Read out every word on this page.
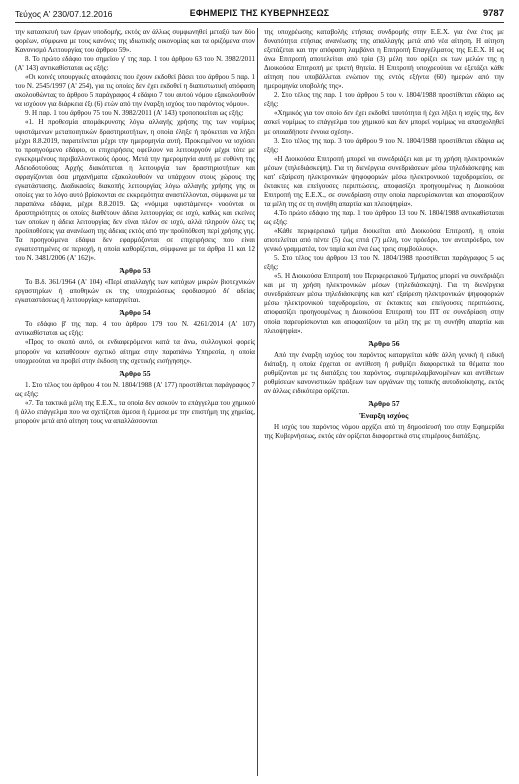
Τεύχος Α' 230/07.12.2016	ΕΦΗΜΕΡΙΣ ΤΗΣ ΚΥΒΕΡΝΗΣΕΩΣ	9787

την κατασκευή των έργων υποδομής, εκτός αν άλλως συμφωνηθεί μεταξύ των δύο φορέων, σύμφωνα με τους κανόνες της ιδιωτικής οικονομίας και τα οριζόμενα στον Κανονισμό Λειτουργίας του άρθρου 59».

8. Το πρώτο εδάφιο του σημείου γ' της παρ. 1 του άρθρου 63 του Ν. 3982/2011 (Α' 143) αντικαθίσταται ως εξής:

«Οι κοινές υπουργικές αποφάσεις που έχουν εκδοθεί βάσει του άρθρου 5 παρ. 1 του Ν. 2545/1997 (Α' 254), για τις οποίες δεν έχει εκδοθεί η διαπιστωτική απόφαση ακολουθώντας το άρθρου 5 παράγραφος 4 εδάφιο 7 του αυτού νόμου εξακολουθούν να ισχύουν για διάρκεια έξι (6) ετών από την έναρξη ισχύος του παρόντος νόμου».

9. Η παρ. 1 του άρθρου 75 του Ν. 3982/2011 (Α' 143) τροποποιείται ως εξής:

«1. Η προθεσμία απομάκρυνσης λόγω αλλαγής χρήσης της των νομίμως υφιστάμενων μεταποιητικών δραστηριοτήτων, η οποία έληξε ή πρόκειται να λήξει μέχρι 8.8.2019, παρατείνεται μέχρι την ημερομηνία αυτή. Προκειμένου να ισχύσει το προηγούμενο εδάφιο, οι επιχειρήσεις οφείλουν να λειτουργούν μέχρι τότε με εγκεκριμένους περιβαλλοντικούς όρους. Μετά την ημερομηνία αυτή με ευθύνη της Αδειοδοτούσας Αρχής διακόπτεται η λειτουργία των δραστηριοτήτων και σφραγίζονται όσα μηχανήματα εξακολουθούν να υπάρχουν στους χώρους της εγκατάστασης. Διαδικασίες διακοπής λειτουργίας λόγω αλλαγής χρήσης γης οι οποίες για το λόγο αυτό βρίσκονται σε εκκρεμότητα αναστέλλονται, σύμφωνα με τα παραπάνω εδάφια, μέχρι 8.8.2019. Ως «νόμιμα υφιστάμενες» νοούνται οι δραστηριότητες οι οποίες διαθέτουν άδεια λειτουργίας σε ισχύ, καθώς και εκείνες των οποίων η άδεια λειτουργίας δεν είναι πλέον σε ισχύ, αλλά πληρούν όλες τις προϋποθέσεις για ανανέωση της άδειας εκτός από την προϋπόθεση περί χρήσης γης. Τα προηγούμενα εδάφια δεν εφαρμόζονται σε επιχειρήσεις που είναι εγκατεστημένες σε περιοχή, η οποία καθορίζεται, σύμφωνα με τα άρθρα 11 και 12 του Ν. 3481/2006 (Α' 162)».

Άρθρο 53

Το Β.δ. 361/1964 (Α' 104) «Περί απαλλαγής των κατόχων μικρών βιοτεχνικών εργαστηρίων ή αποθηκών εκ της υποχρεώσεως εφοδιασμού δι' αδείας εγκαταστάσεως ή λειτουργίας» καταργείται.

Άρθρο 54

Το εδάφιο β' της παρ. 4 του άρθρου 179 του Ν. 4261/2014 (Α' 107) αντικαθίσταται ως εξής:

«Προς το σκοπό αυτό, οι ενδιαφερόμενοι κατά τα άνω, συλλογικοί φορείς μπορούν να καταθέσουν σχετικό αίτημα στην παραπάνω Υπηρεσία, η οποία υποχρεούται να προβεί στην έκδοση της σχετικής εισήγησης».

Άρθρο 55

1. Στο τέλος του άρθρου 4 του Ν. 1804/1988 (Α' 177) προστίθεται παράγραφος 7 ως εξής:

«7. Τα τακτικά μέλη της Ε.Ε.Χ., τα οποία δεν ασκούν το επάγγελμα του χημικού ή άλλο επάγγελμα που να σχετίζεται άμεσα ή έμμεσα με την επιστήμη της χημείας, μπορούν μετά από αίτηση τους να απαλλάσσονται

της υποχρέωσης καταβολής ετήσιας συνδρομής στην Ε.Ε.Χ. για ένα έτος με δυνατότητα ετήσιας ανανέωσης της απαλλαγής μετά από νέα αίτηση. Η αίτηση εξετάζεται και την απόφαση λαμβάνει η Επιτροπή Επαγγέλματος της Ε.Ε.Χ. Η ως άνω Επιτροπή αποτελείται από τρία (3) μέλη που ορίζει εκ των μελών της η Διοικούσα Επιτροπή με τριετή θητεία. Η Επιτροπή υποχρεούται να εξετάζει κάθε αίτηση που υποβάλλεται ενώπιον της εντός εξήντα (60) ημερών από την ημερομηνία υποβολής της».

2. Στο τέλος της παρ. 1 του άρθρου 5 του ν. 1804/1988 προστίθεται εδάφιο ως εξής:

«Χημικός για τον οποίο δεν έχει εκδοθεί ταυτότητα ή έχει λήξει η ισχύς της, δεν ασκεί νομίμως το επάγγελμα του χημικού και δεν μπορεί νομίμως να απασχοληθεί με οποιαδήποτε έννοια σχέση».

3. Στο τέλος της παρ. 3 του άρθρου 9 του Ν. 1804/1988 προστίθεται εδάφια ως εξής:

«Η Διοικούσα Επιτροπή μπορεί να συνεδριάζει και με τη χρήση ηλεκτρονικών μέσων (τηλεδιάσκεψη). Για τη διενέργεια συνεδριάσεων μέσω τηλεδιάσκεψης και κατ' εξαίρεση ηλεκτρονικών ψηφοφοριών μέσω ηλεκτρονικού ταχυδρομείου, σε έκτακτες και επείγουσες περιπτώσεις, αποφασίζει προηγουμένως η Διοικούσα Επιτροπή της Ε.Ε.Χ., σε συνεδρίαση στην οποία παρευρίσκονται και αποφασίζουν τα μέλη της σε τη συνήθη απαρτία και πλειοψηφία».

4.Το πρώτο εδάφιο της παρ. 1 του άρθρου 13 του Ν. 1804/1988 αντικαθίσταται ως εξής:

«Κάθε περιφερειακό τμήμα διοικείται από Διοικούσα Επιτροπή, η οποία αποτελείται από πέντε (5) έως επτά (7) μέλη, τον πρόεδρο, τον αντιπρόεδρο, τον γενικό γραμματέα, τον ταμία και ένα έως τρεις συμβούλους».

5. Στο τέλος του άρθρου 13 του Ν. 1804/1988 προστίθεται παράγραφος 5 ως εξής:

«5. Η Διοικούσα Επιτροπή του Περιφερειακού Τμήματος μπορεί να συνεδριάζει και με τη χρήση ηλεκτρονικών μέσων (τηλεδιάσκεψη). Για τη διενέργεια συνεδριάσεων μέσω τηλεδιάσκεψης και κατ' εξαίρεση ηλεκτρονικών ψηφοφοριών μέσω ηλεκτρονικού ταχυδρομείου, σε έκτακτες και επείγουσες περιπτώσεις, αποφασίζει προηγουμένως η Διοικούσα Επιτροπή του ΠΤ σε συνεδρίαση στην οποία παρευρίσκονται και αποφασίζουν τα μέλη της με τη συνήθη απαρτία και πλειοψηφία».

Άρθρο 56

Από την έναρξη ισχύος του παρόντος καταργείται κάθε άλλη γενική ή ειδική διάταξη, η οποία έρχεται σε αντίθεση ή ρυθμίζει διαφορετικά τα θέματα που ρυθμίζονται με τις διατάξεις του παρόντος, συμπεριλαμβανομένων και αντίθετων ρυθμίσεων κανονιστικών πράξεων των οργάνων της τοπικής αυτοδιοίκησης, εκτός αν άλλως ειδικότερα ορίζεται.

Άρθρο 57
Έναρξη ισχύος

Η ισχύς του παρόντος νόμου αρχίζει από τη δημοσίευσή του στην Εφημερίδα της Κυβερνήσεως, εκτός εάν ορίζεται διαφορετικά στις επιμέρους διατάξεις.
